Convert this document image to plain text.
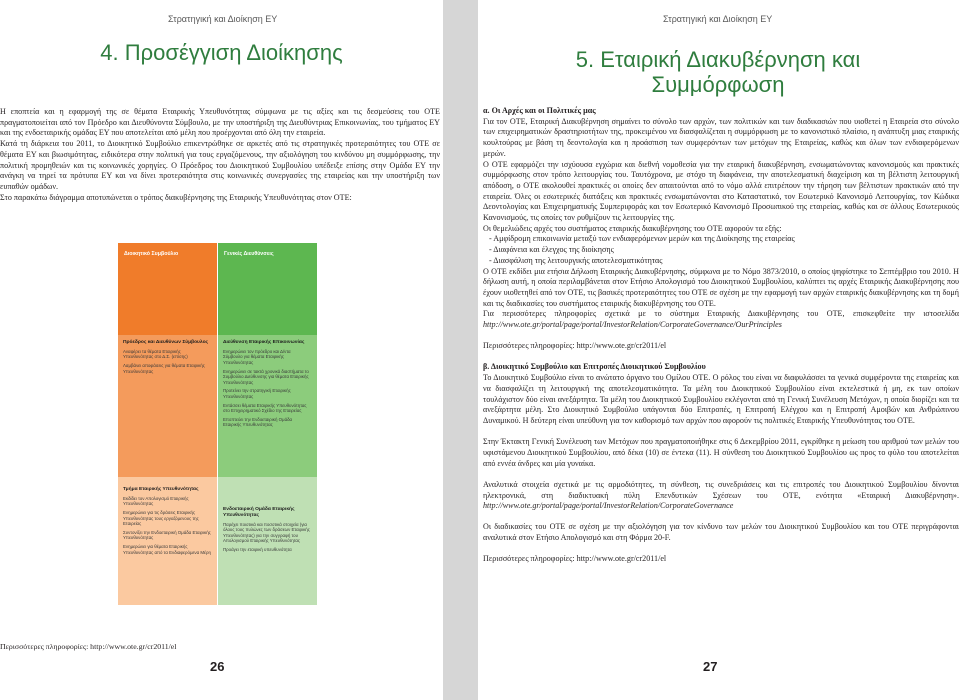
Στρατηγική και Διοίκηση ΕΥ
4. Προσέγγιση Διοίκησης

Η εποπτεία και η εφαρμογή της σε θέματα Εταιρικής Υπευθυνότητας σύμφωνα με τις αξίες και τις δεσμεύσεις του ΟΤΕ πραγματοποιείται από τον Πρόεδρο και Διευθύνοντα Σύμβουλο, με την υποστήριξη της Διευθύντριας Επικοινωνίας, του τμήματος ΕΥ και της ενδοεταιρικής ομάδας ΕΥ που αποτελείται από μέλη που προέρχονται από όλη την εταιρεία.

Κατά τη διάρκεια του 2011, το Διοικητικό Συμβούλιο επικεντρώθηκε σε αρκετές από τις στρατηγικές προτεραιότητες του ΟΤΕ σε θέματα ΕΥ και βιωσιμότητας, ειδικότερα στην πολιτική για τους εργαζόμενους, την αξιολόγηση του κινδύνου μη συμμόρφωσης, την πολιτική προμηθειών και τις κοινωνικές χορηγίες. Ο Πρόεδρος του Διοικητικού Συμβουλίου υπέδειξε επίσης στην Ομάδα ΕΥ την ανάγκη να τηρεί τα πρότυπα ΕΥ και να δίνει προτεραιότητα στις κοινωνικές συνεργασίες της εταιρείας και την υποστήριξη των ευπαθών ομάδων.

Στο παρακάτω διάγραμμα αποτυπώνεται ο τρόπος διακυβέρνησης της Εταιρικής Υπευθυνότητας στον ΟΤΕ:

Διοικητικό Συμβούλιο
Πρόεδρος και Διευθύνων Σύμβουλος
Αναφέρει τα θέματα Εταιρικής Υπευθυνότητας στο Δ.Σ. (επίσης)
Λαμβάνει αποφάσεις για θέματα Εταιρικής Υπευθυνότητας
Τμήμα Εταιρικής Υπευθυνότητας
Εκδίδει τον Απολογισμό Εταιρικής Υπευθυνότητας
Ενημερώνει για τις δράσεις Εταιρικής Υπευθυνότητας τους εργαζόμενους της Εταιρείας
Συντονίζει την Ενδοεταιρική Ομάδα Εταιρικής Υπευθυνότητας
Ενημερώνει για θέματα Εταιρικής Υπευθυνότητας από τα Ενδιαφερόμενα Μέρη
Γενικές Διευθύνσεις
Διεύθυνση Εταιρικής Επικοινωνίας
Ενημερώνει τον πρόεδρο και Δ/ντα Σύμβουλο για θέματα Εταιρικής Υπευθυνότητας
Ενημερώνει σε τακτά χρονικά διαστήματα το Συμβούλιο Διεύθυνσης για θέματα Εταιρικής Υπευθυνότητας
Προτείνει την στρατηγική Εταιρικής Υπευθυνότητας
Εντάσσει θέματα Εταιρικής Υπευθυνότητας στο Επιχειρηματικό Σχέδιο της Εταιρείας
Εποπτεύει την Ενδοεταιρική Ομάδα Εταιρικής Υπευθυνότητας
Ενδοεταιρική Ομάδα Εταιρικής Υπευθυνότητας
Παρέχει ποιοτικά και ποσοτικά στοιχεία (για όλους τους πυλώνες των δράσεων Εταιρικής Υπευθυνότητας) για την συγγραφή του Απολογισμού Εταιρικής Υπευθυνότητας
Προάγει την εταιρική υπευθυνότητα
Περισσότερες πληροφορίες: http://www.ote.gr/cr2011/el
26
Στρατηγική και Διοίκηση ΕΥ
5. Εταιρική Διακυβέρνηση και
Συμμόρφωση

α. Οι Αρχές και οι Πολιτικές μας

Για τον ΟΤΕ, Εταιρική Διακυβέρνηση σημαίνει το σύνολο των αρχών, των πολιτικών και των διαδικασιών που υιοθετεί η Εταιρεία στο σύνολο των επιχειρηματικών δραστηριοτήτων της, προκειμένου να διασφαλίζεται η συμμόρφωση με το κανονιστικό πλαίσιο, η ανάπτυξη μιας εταιρικής κουλτούρας με βάση τη δεοντολογία και η προάσπιση των συμφερόντων των μετόχων της Εταιρείας, καθώς και όλων των ενδιαφερόμενων μερών.

Ο ΟΤΕ εφαρμόζει την ισχύουσα εγχώρια και διεθνή νομοθεσία για την εταιρική διακυβέρνηση, ενσωματώνοντας κανονισμούς και πρακτικές συμμόρφωσης στον τρόπο λειτουργίας του. Ταυτόχρονα, με στόχο τη διαφάνεια, την αποτελεσματική διαχείριση και τη βέλτιστη λειτουργική απόδοση, ο ΟΤΕ ακολουθεί πρακτικές οι οποίες δεν απαιτούνται από το νόμο αλλά επιτρέπουν την τήρηση των βέλτιστων πρακτικών από την εταιρεία. Όλες οι εσωτερικές διατάξεις και πρακτικές ενσωματώνονται στο Καταστατικό, τον Εσωτερικό Κανονισμό Λειτουργίας, τον Κώδικα Δεοντολογίας και Επιχειρηματικής Συμπεριφοράς και τον Εσωτερικό Κανονισμό Προσωπικού της εταιρείας, καθώς και σε άλλους Εσωτερικούς Κανονισμούς, τις οποίες τον ρυθμίζουν τις λειτουργίες της.

Οι θεμελιώδεις αρχές του συστήματος εταιρικής διακυβέρνησης του ΟΤΕ αφορούν τα εξής:

- Αμφίδρομη επικοινωνία μεταξύ των ενδιαφερόμενων μερών και της Διοίκησης της εταιρείας

- Διαφάνεια και έλεγχος της διοίκησης

- Διασφάλιση της λειτουργικής αποτελεσματικότητας

Ο ΟΤΕ εκδίδει μια ετήσια Δήλωση Εταιρικής Διακυβέρνησης, σύμφωνα με το Νόμο 3873/2010, ο οποίος ψηφίστηκε το Σεπτέμβριο του 2010. Η δήλωση αυτή, η οποία περιλαμβάνεται στον Ετήσιο Απολογισμό του Διοικητικού Συμβουλίου, καλύπτει τις αρχές Εταιρικής Διακυβέρνησης που έχουν υιοθετηθεί από τον ΟΤΕ, τις βασικές προτεραιότητες του ΟΤΕ σε σχέση με την εφαρμογή των αρχών εταιρικής διακυβέρνησης και τη δομή και τις διαδικασίες του συστήματος εταιρικής διακυβέρνησης του ΟΤΕ.

Για περισσότερες πληροφορίες σχετικά με το σύστημα Εταιρικής Διακυβέρνησης του ΟΤΕ, επισκεφθείτε την ιστοσελίδα http://www.ote.gr/portal/page/portal/InvestorRelation/CorporateGovernance/OurPrinciples

Περισσότερες πληροφορίες: http://www.ote.gr/cr2011/el

β. Διοικητικό Συμβούλιο και Επιτροπές Διοικητικού Συμβουλίου

Το Διοικητικό Συμβούλιο είναι το ανώτατο όργανο του Ομίλου ΟΤΕ. Ο ρόλος του είναι να διαφυλάσσει τα γενικά συμφέροντα της εταιρείας και να διασφαλίζει τη λειτουργική της αποτελεσματικότητα. Τα μέλη του Διοικητικού Συμβουλίου είναι εκτελεστικά ή μη, εκ των οποίων τουλάχιστον δύο είναι ανεξάρτητα. Τα μέλη του Διοικητικού Συμβουλίου εκλέγονται από τη Γενική Συνέλευση Μετόχων, η οποία διορίζει και τα ανεξάρτητα μέλη. Στο Διοικητικό Συμβούλιο υπάγονται δύο Επιτροπές, η Επιτροπή Ελέγχου και η Επιτροπή Αμοιβών και Ανθρώπινου Δυναμικού. Η δεύτερη είναι υπεύθυνη για τον καθορισμό των αρχών που αφορούν τις πολιτικές Εταιρικής Υπευθυνότητας του ΟΤΕ.

Στην Έκτακτη Γενική Συνέλευση των Μετόχων που πραγματοποιήθηκε στις 6 Δεκεμβρίου 2011, εγκρίθηκε η μείωση του αριθμού των μελών του υφιστάμενου Διοικητικού Συμβουλίου, από δέκα (10) σε έντεκα (11). Η σύνθεση του Διοικητικού Συμβουλίου ως προς το φύλο του αποτελείται από εννέα άνδρες και μία γυναίκα.

Αναλυτικά στοιχεία σχετικά με τις αρμοδιότητες, τη σύνθεση, τις συνεδριάσεις και τις επιτροπές του Διοικητικού Συμβουλίου δίνονται ηλεκτρονικά, στη διαδικτυακή πύλη Επενδυτικών Σχέσεων του ΟΤΕ, ενότητα «Εταιρική Διακυβέρνηση». http://www.ote.gr/portal/page/portal/InvestorRelation/CorporateGovernance

Οι διαδικασίες του ΟΤΕ σε σχέση με την αξιολόγηση για τον κίνδυνο των μελών του Διοικητικού Συμβουλίου και του ΟΤΕ περιγράφονται αναλυτικά στον Ετήσιο Απολογισμό και στη Φόρμα 20-F.

Περισσότερες πληροφορίες: http://www.ote.gr/cr2011/el

27
